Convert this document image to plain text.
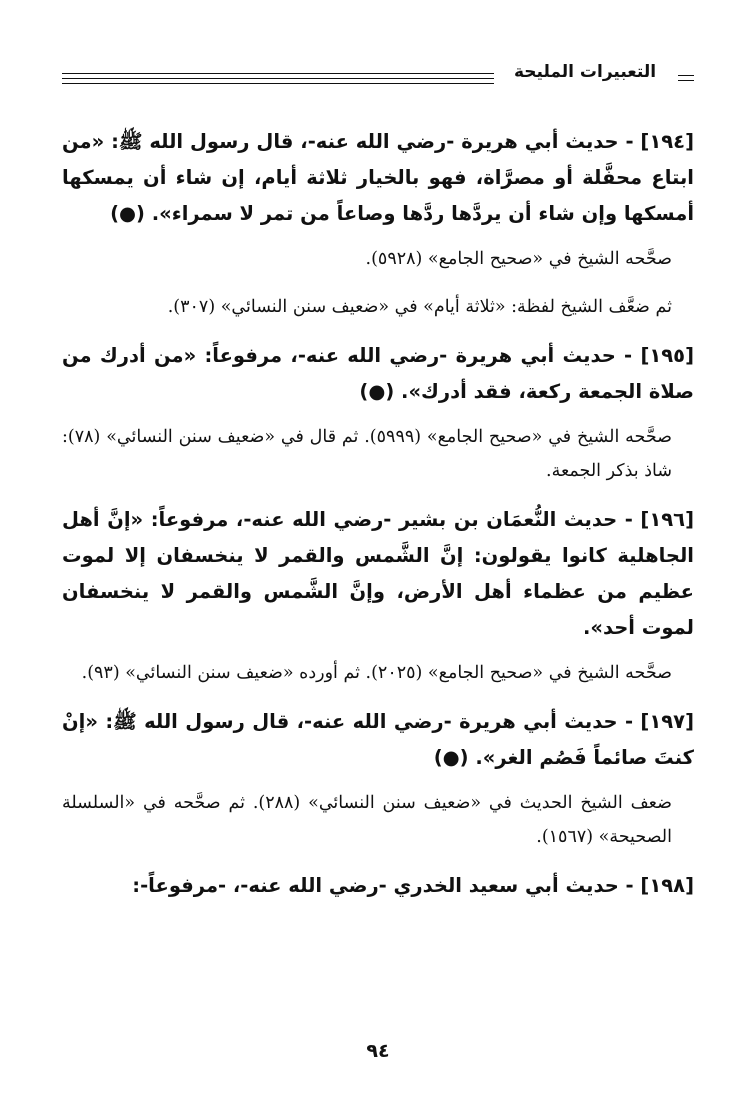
التعبيرات المليحة

[١٩٤] - حديث أبي هريرة -رضي الله عنه-، قال رسول الله ﷺ: «من ابتاع محفَّلة أو مصرَّاة، فهو بالخيار ثلاثة أيام، إن شاء أن يمسكها أمسكها وإن شاء أن يردَّها ردَّها وصاعاً من تمر لا سمراء». (●)

صحَّحه الشيخ في «صحيح الجامع» (٥٩٢٨).

ثم ضعَّف الشيخ لفظة: «ثلاثة أيام» في «ضعيف سنن النسائي» (٣٠٧).

[١٩٥] - حديث أبي هريرة -رضي الله عنه-، مرفوعاً: «من أدرك من صلاة الجمعة ركعة، فقد أدرك». (●)

صحَّحه الشيخ في «صحيح الجامع» (٥٩٩٩). ثم قال في «ضعيف سنن النسائي» (٧٨): شاذ بذكر الجمعة.

[١٩٦] - حديث النُّعمَان بن بشير -رضي الله عنه-، مرفوعاً: «إنَّ أهل الجاهلية كانوا يقولون: إنَّ الشَّمس والقمر لا ينخسفان إلا لموت عظيم من عظماء أهل الأرض، وإنَّ الشَّمس والقمر لا ينخسفان لموت أحد».

صحَّحه الشيخ في «صحيح الجامع» (٢٠٢٥). ثم أورده «ضعيف سنن النسائي» (٩٣).

[١٩٧] - حديث أبي هريرة -رضي الله عنه-، قال رسول الله ﷺ: «إنْ كنتَ صائماً فَصُم الغر». (●)

ضعف الشيخ الحديث في «ضعيف سنن النسائي» (٢٨٨). ثم صحَّحه في «السلسلة الصحيحة» (١٥٦٧).

[١٩٨] - حديث أبي سعيد الخدري -رضي الله عنه-، -مرفوعاً-:

٩٤
